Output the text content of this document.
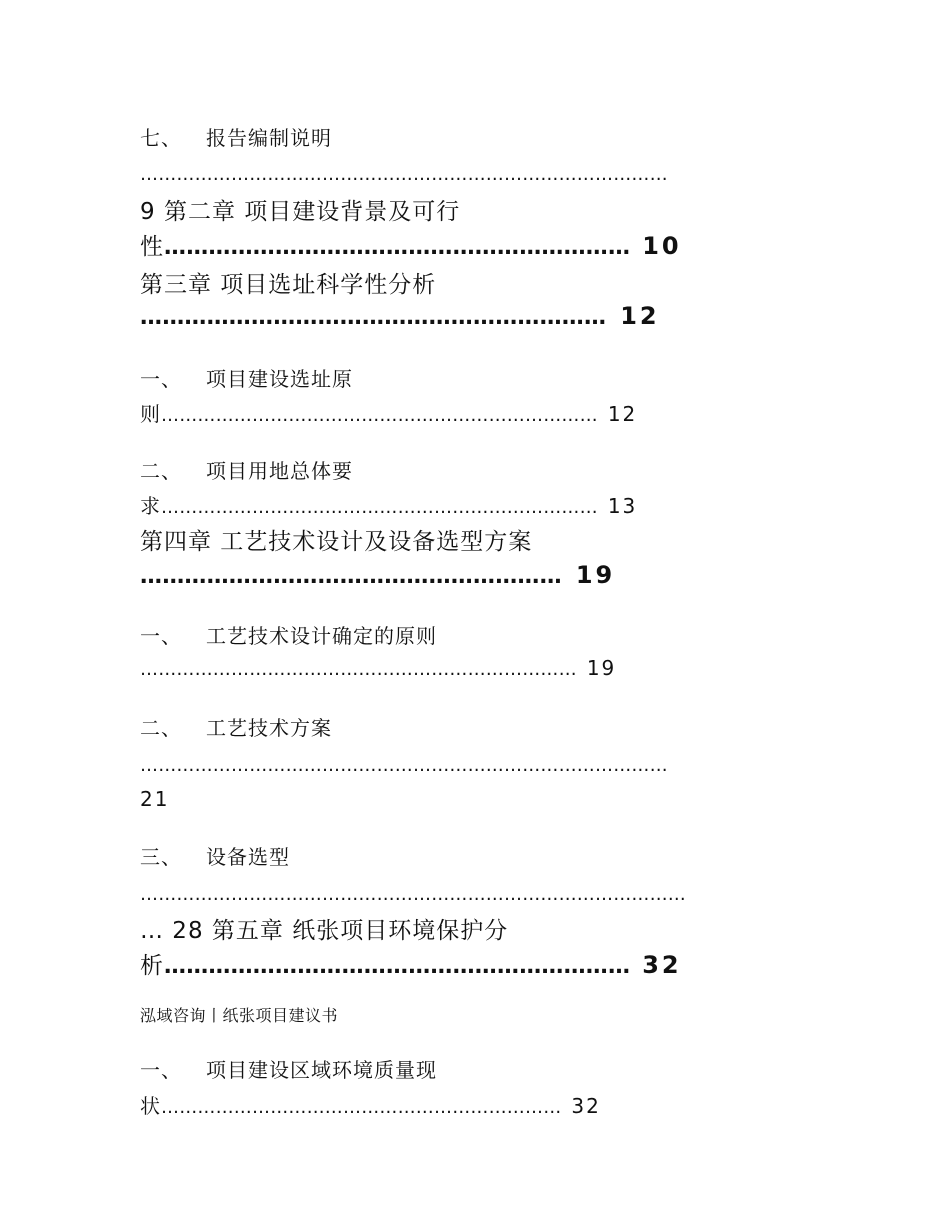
七、 报告编制说明
……………………………………………………………………………
9 第二章 项目建设背景及可行
性……………………………………………………… 10
第三章 项目选址科学性分析
……………………………………………………… 12
一、 项目建设选址原
则……………………………………………………………… 12
二、 项目用地总体要
求……………………………………………………………… 13
第四章 工艺技术设计及设备选型方案
………………………………………………… 19
一、 工艺技术设计确定的原则
……………………………………………………………… 19
二、 工艺技术方案
……………………………………………………………………………
21
三、 设备选型
………………………………………………………………………………
… 28 第五章 纸张项目环境保护分
析……………………………………………………… 32
泓域咨询丨纸张项目建议书
一、 项目建设区域环境质量现
状………………………………………………………… 32
